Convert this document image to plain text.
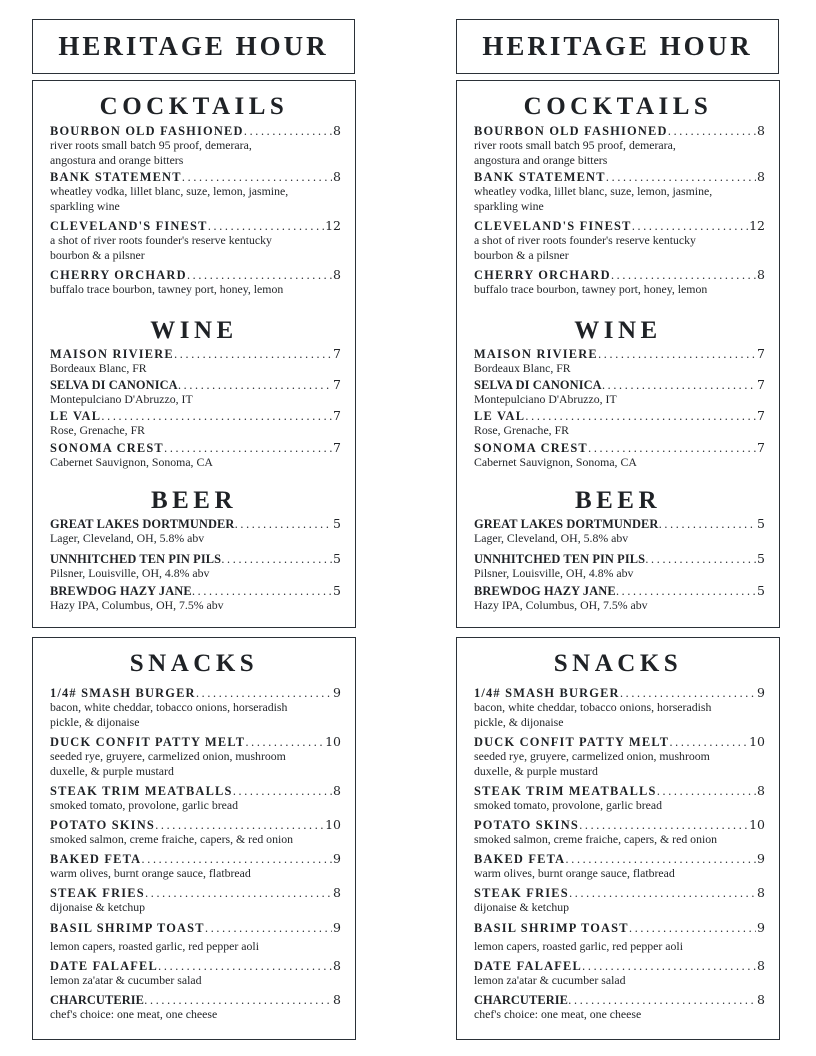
HERITAGE HOUR
COCKTAILS
BOURBON OLD FASHIONED .....	8
river roots small batch 95 proof, demerara,
angostura and orange bitters
BANK STATEMENT .....	8
wheatley vodka, lillet blanc, suze, lemon, jasmine,
sparkling wine
CLEVELAND'S FINEST .....	12
a shot of river roots founder's reserve kentucky
bourbon & a pilsner
CHERRY ORCHARD .....	8
buffalo trace bourbon, tawney port, honey, lemon
WINE
MAISON RIVIERE .....	7
Bordeaux Blanc, FR
SELVA DI CANONICA .....	7
Montepulciano D'Abruzzo, IT
LE VAL .....	7
Rose, Grenache, FR
SONOMA CREST .....	7
Cabernet Sauvignon, Sonoma, CA
BEER
GREAT LAKES DORTMUNDER .....	5
Lager, Cleveland, OH, 5.8% abv
UNNHITCHED TEN PIN PILS .....	5
Pilsner, Louisville, OH, 4.8% abv
BREWDOG HAZY JANE .....	5
Hazy IPA, Columbus, OH, 7.5% abv
SNACKS
1/4# SMASH BURGER .....	9
bacon, white cheddar, tobacco onions, horseradish
pickle, & dijonaise
DUCK CONFIT PATTY MELT .....	10
seeded rye, gruyere, carmelized onion, mushroom
duxelle, & purple mustard
STEAK TRIM MEATBALLS .....	8
smoked tomato, provolone, garlic bread
POTATO SKINS .....	10
smoked salmon, creme fraiche, capers, & red onion
BAKED FETA .....	9
warm olives, burnt orange sauce, flatbread
STEAK FRIES .....	8
dijonaise & ketchup
BASIL SHRIMP TOAST .....	9
lemon capers, roasted garlic, red pepper aoli
DATE FALAFEL .....	8
lemon za'atar & cucumber salad
CHARCUTERIE .....	8
chef's choice: one meat, one cheese
HERITAGE HOUR
COCKTAILS
BOURBON OLD FASHIONED .....	8
river roots small batch 95 proof, demerara,
angostura and orange bitters
BANK STATEMENT .....	8
wheatley vodka, lillet blanc, suze, lemon, jasmine,
sparkling wine
CLEVELAND'S FINEST .....	12
a shot of river roots founder's reserve kentucky
bourbon & a pilsner
CHERRY ORCHARD .....	8
buffalo trace bourbon, tawney port, honey, lemon
WINE
MAISON RIVIERE .....	7
Bordeaux Blanc, FR
SELVA DI CANONICA .....	7
Montepulciano D'Abruzzo, IT
LE VAL .....	7
Rose, Grenache, FR
SONOMA CREST .....	7
Cabernet Sauvignon, Sonoma, CA
BEER
GREAT LAKES DORTMUNDER .....	5
Lager, Cleveland, OH, 5.8% abv
UNNHITCHED TEN PIN PILS .....	5
Pilsner, Louisville, OH, 4.8% abv
BREWDOG HAZY JANE .....	5
Hazy IPA, Columbus, OH, 7.5% abv
SNACKS
1/4# SMASH BURGER .....	9
bacon, white cheddar, tobacco onions, horseradish
pickle, & dijonaise
DUCK CONFIT PATTY MELT .....	10
seeded rye, gruyere, carmelized onion, mushroom
duxelle, & purple mustard
STEAK TRIM MEATBALLS .....	8
smoked tomato, provolone, garlic bread
POTATO SKINS .....	10
smoked salmon, creme fraiche, capers, & red onion
BAKED FETA .....	9
warm olives, burnt orange sauce, flatbread
STEAK FRIES .....	8
dijonaise & ketchup
BASIL SHRIMP TOAST .....	9
lemon capers, roasted garlic, red pepper aoli
DATE FALAFEL .....	8
lemon za'atar & cucumber salad
CHARCUTERIE .....	8
chef's choice: one meat, one cheese
